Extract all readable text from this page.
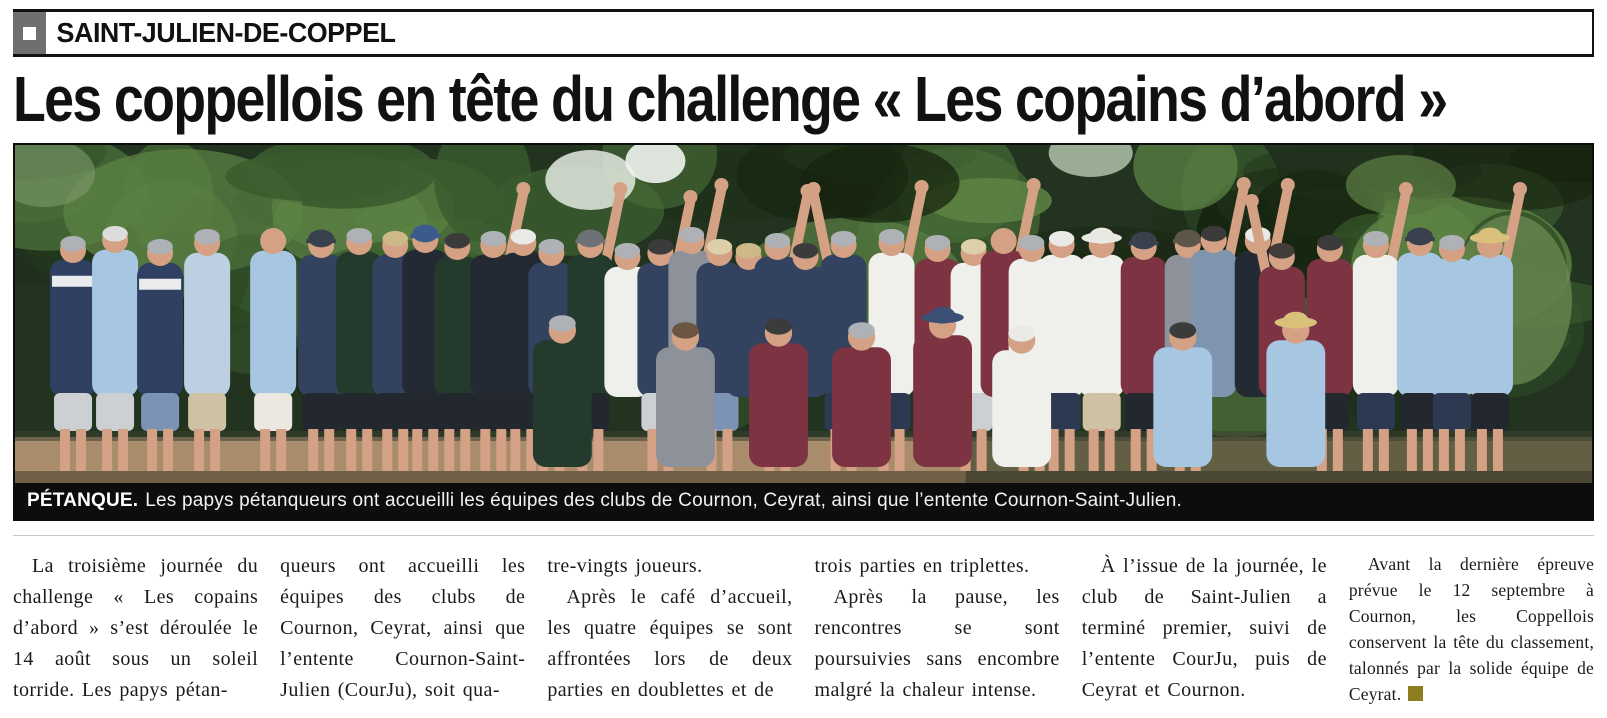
SAINT-JULIEN-DE-COPPEL
Les coppellois en tête du challenge « Les copains d’abord »
PÉTANQUE. Les papys pétanqueurs ont accueilli les équipes des clubs de Cournon, Ceyrat, ainsi que l’entente Cournon-Saint-Julien.

La troisième journée du challenge « Les copains d’abord » s’est déroulée le 14 août sous un soleil torride. Les papys pétan-

queurs ont accueilli les équipes des clubs de Cournon, Ceyrat, ainsi que l’entente Cournon-Saint-Julien (CourJu), soit qua-

tre-vingts joueurs.

Après le café d’accueil, les quatre équipes se sont affrontées lors de deux parties en doublettes et de

trois parties en triplettes.

Après la pause, les rencontres se sont poursuivies sans encombre malgré la chaleur intense.

À l’issue de la journée, le club de Saint-Julien a terminé premier, suivi de l’entente CourJu, puis de Ceyrat et Cournon.

Avant la dernière épreuve prévue le 12 septembre à Cournon, les Coppellois conservent la tête du classement, talonnés par la solide équipe de Ceyrat.
